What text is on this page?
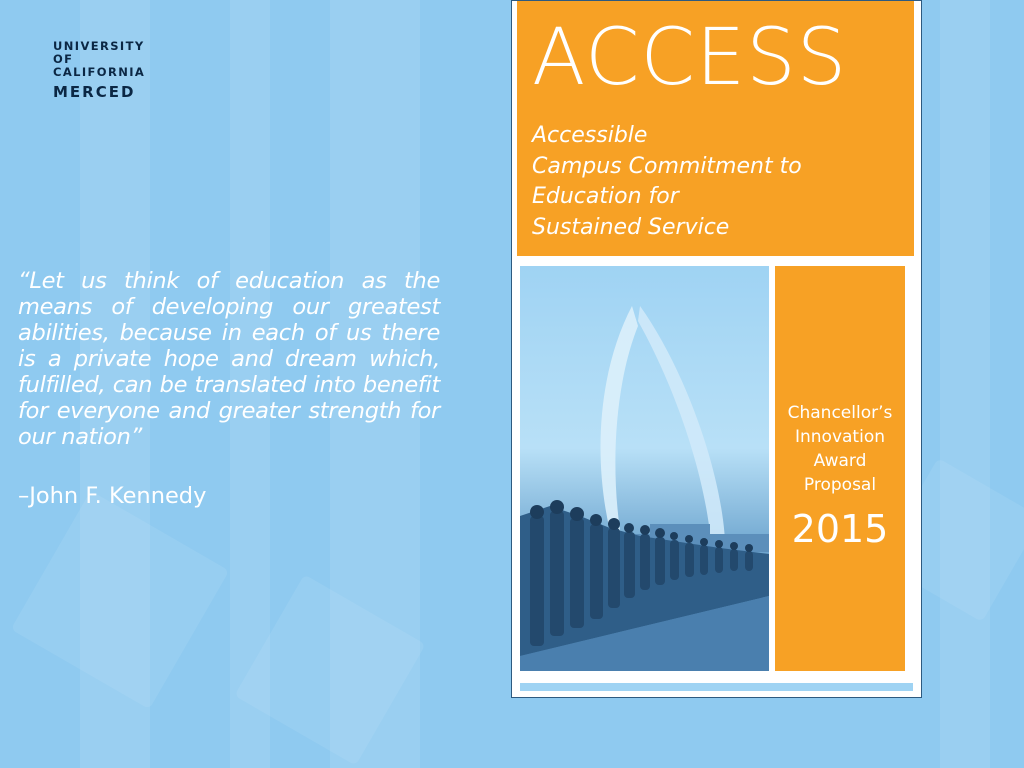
UNIVERSITY
OF
CALIFORNIA
MERCED
“Let us think of education as the means of developing our greatest abilities, because in each of us there is a private hope and dream which, fulfilled, can be translated into benefit for everyone and greater strength for our nation”
–John F. Kennedy
ACCESS
Accessible
Campus Commitment to
Education for
Sustained Service
Chancellor’s
Innovation
Award
Proposal
2015
